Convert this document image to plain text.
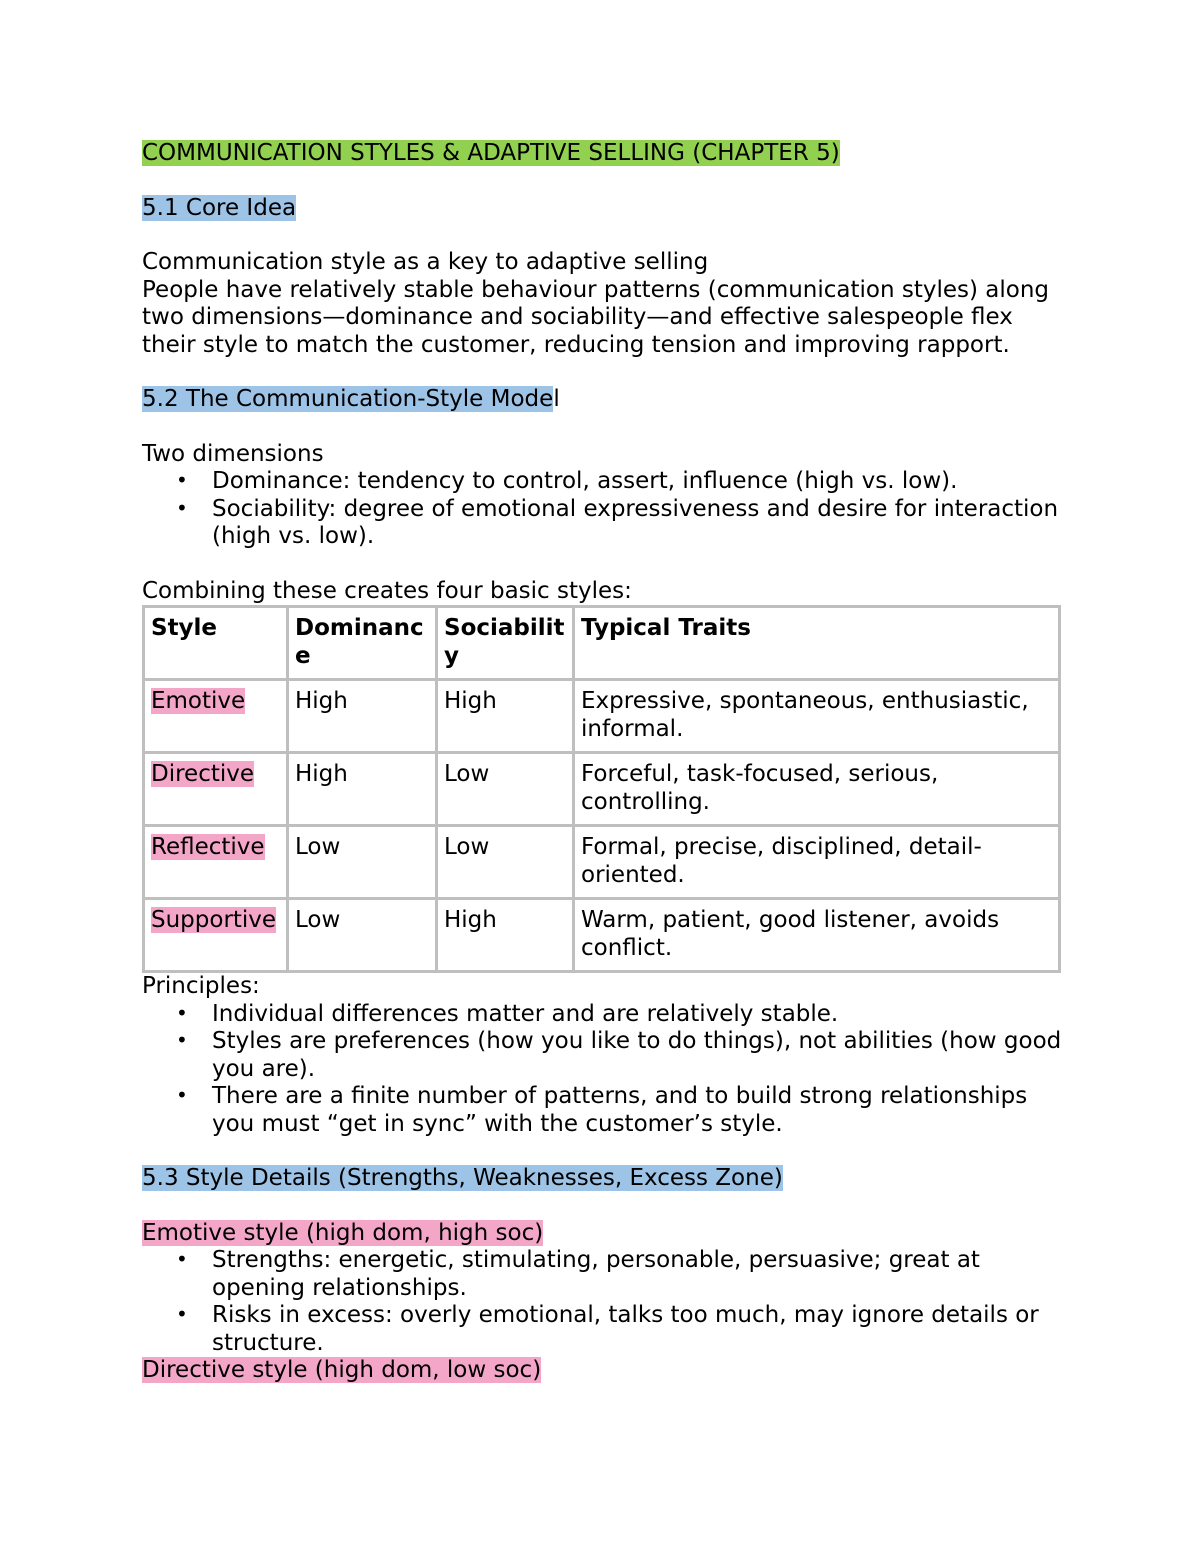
COMMUNICATION STYLES & ADAPTIVE SELLING (CHAPTER 5)

5.1 Core Idea

Communication style as a key to adaptive selling

People have relatively stable behaviour patterns (communication styles) along two dimensions—dominance and sociability—and effective salespeople flex their style to match the customer, reducing tension and improving rapport.

5.2 The Communication-Style Model

Two dimensions

• Dominance: tendency to control, assert, influence (high vs. low).
• Sociability: degree of emotional expressiveness and desire for interaction (high vs. low).

Combining these creates four basic styles:

Style	Dominance	Sociability	Typical Traits
Emotive	High	High	Expressive, spontaneous, enthusiastic, informal.
Directive	High	Low	Forceful, task-focused, serious, controlling.
Reflective	Low	Low	Formal, precise, disciplined, detail-oriented.
Supportive	Low	High	Warm, patient, good listener, avoids conflict.

Principles:

• Individual differences matter and are relatively stable.
• Styles are preferences (how you like to do things), not abilities (how good you are).
• There are a finite number of patterns, and to build strong relationships you must “get in sync” with the customer’s style.

5.3 Style Details (Strengths, Weaknesses, Excess Zone)

Emotive style (high dom, high soc)

• Strengths: energetic, stimulating, personable, persuasive; great at opening relationships.
• Risks in excess: overly emotional, talks too much, may ignore details or structure.

Directive style (high dom, low soc)
